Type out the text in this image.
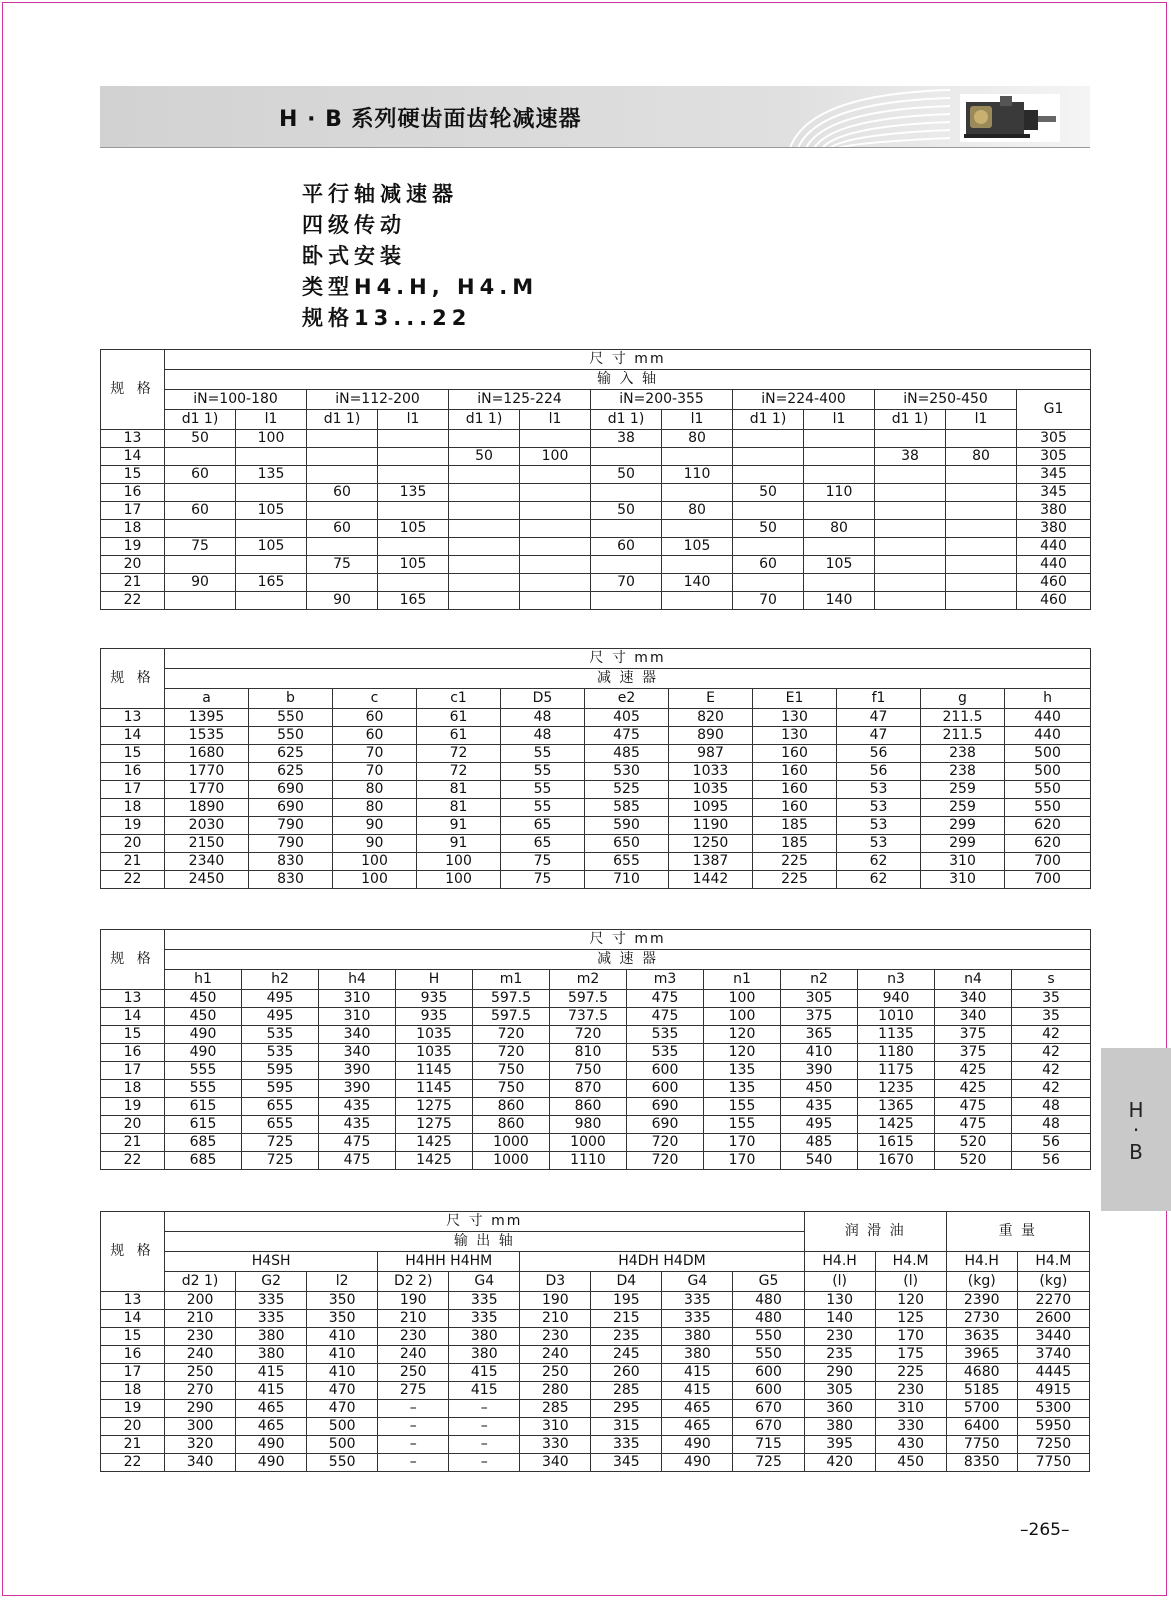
H · B 系列硬齿面齿轮减速器
平行轴减速器
四级传动
卧式安装
类型H4.H, H4.M
规格13...22
规 格	尺 寸 mm												
	输 入 轴												
	iN=100-180		iN=112-200		iN=125-224		iN=200-355		iN=224-400		iN=250-450		G1
	d1 1)	l1	d1 1)	l1	d1 1)	l1	d1 1)	l1	d1 1)	l1	d1 1)	l1	
13	50	100					38	80					305
14					50	100					38	80	305
15	60	135					50	110					345
16			60	135					50	110			345
17	60	105					50	80					380
18			60	105					50	80			380
19	75	105					60	105					440
20			75	105					60	105			440
21	90	165					70	140					460
22			90	165					70	140			460
规 格	尺 寸 mm										
	减 速 器										
	a	b	c	c1	D5	e2	E	E1	f1	g	h
13	1395	550	60	61	48	405	820	130	47	211.5	440
14	1535	550	60	61	48	475	890	130	47	211.5	440
15	1680	625	70	72	55	485	987	160	56	238	500
16	1770	625	70	72	55	530	1033	160	56	238	500
17	1770	690	80	81	55	525	1035	160	53	259	550
18	1890	690	80	81	55	585	1095	160	53	259	550
19	2030	790	90	91	65	590	1190	185	53	299	620
20	2150	790	90	91	65	650	1250	185	53	299	620
21	2340	830	100	100	75	655	1387	225	62	310	700
22	2450	830	100	100	75	710	1442	225	62	310	700
规 格	尺 寸 mm											
	减 速 器											
	h1	h2	h4	H	m1	m2	m3	n1	n2	n3	n4	s
13	450	495	310	935	597.5	597.5	475	100	305	940	340	35
14	450	495	310	935	597.5	737.5	475	100	375	1010	340	35
15	490	535	340	1035	720	720	535	120	365	1135	375	42
16	490	535	340	1035	720	810	535	120	410	1180	375	42
17	555	595	390	1145	750	750	600	135	390	1175	425	42
18	555	595	390	1145	750	870	600	135	450	1235	425	42
19	615	655	435	1275	860	860	690	155	435	1365	475	48
20	615	655	435	1275	860	980	690	155	495	1425	475	48
21	685	725	475	1425	1000	1000	720	170	485	1615	520	56
22	685	725	475	1425	1000	1110	720	170	540	1670	520	56
规 格	尺 寸 mm									润 滑 油		重 量	
	输 出 轴												
	H4SH			H4HH H4HM		H4DH H4DM				H4.H	H4.M	H4.H	H4.M
	d2 1)	G2	l2	D2 2)	G4	D3	D4	G4	G5	(l)	(l)	(kg)	(kg)
13	200	335	350	190	335	190	195	335	480	130	120	2390	2270
14	210	335	350	210	335	210	215	335	480	140	125	2730	2600
15	230	380	410	230	380	230	235	380	550	230	170	3635	3440
16	240	380	410	240	380	240	245	380	550	235	175	3965	3740
17	250	415	410	250	415	250	260	415	600	290	225	4680	4445
18	270	415	470	275	415	280	285	415	600	305	230	5185	4915
19	290	465	470	–	–	285	295	465	670	360	310	5700	5300
20	300	465	500	–	–	310	315	465	670	380	330	6400	5950
21	320	490	500	–	–	330	335	490	715	395	430	7750	7250
22	340	490	550	–	–	340	345	490	725	420	450	8350	7750
H
·
B
–265–
